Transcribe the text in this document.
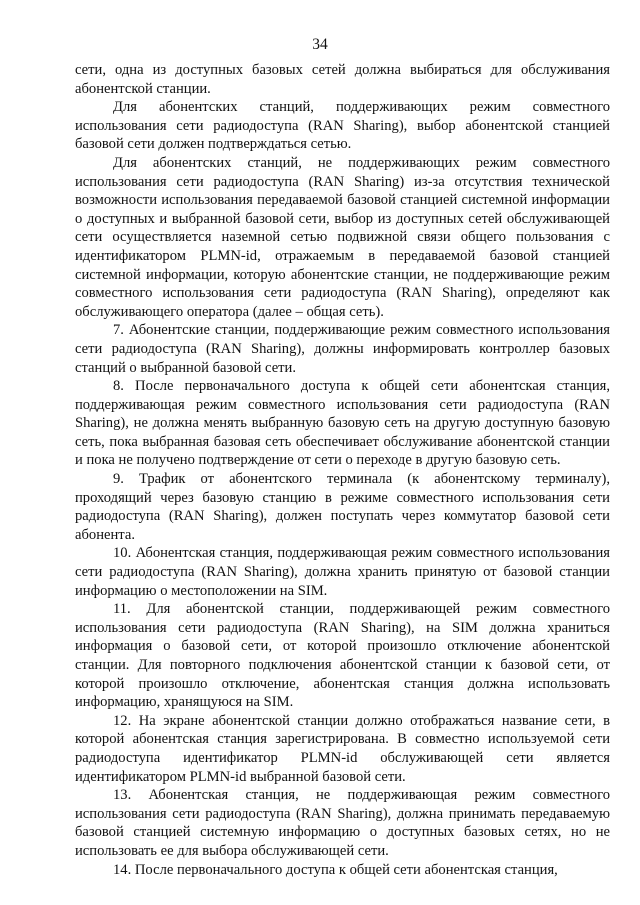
34

сети, одна из доступных базовых сетей должна выбираться для обслуживания абонентской станции.

Для абонентских станций, поддерживающих режим совместного использования сети радиодоступа (RAN Sharing), выбор абонентской станцией базовой сети должен подтверждаться сетью.

Для абонентских станций, не поддерживающих режим совместного использования сети радиодоступа (RAN Sharing) из-за отсутствия технической возможности использования передаваемой базовой станцией системной информации о доступных и выбранной базовой сети, выбор из доступных сетей обслуживающей сети осуществляется наземной сетью подвижной связи общего пользования с идентификатором PLMN-id, отражаемым в передаваемой базовой станцией системной информации, которую абонентские станции, не поддерживающие режим совместного использования сети радиодоступа (RAN Sharing), определяют как обслуживающего оператора (далее – общая сеть).

7. Абонентские станции, поддерживающие режим совместного использования сети радиодоступа (RAN Sharing), должны информировать контроллер базовых станций о выбранной базовой сети.

8. После первоначального доступа к общей сети абонентская станция, поддерживающая режим совместного использования сети радиодоступа (RAN Sharing), не должна менять выбранную базовую сеть на другую доступную базовую сеть, пока выбранная базовая сеть обеспечивает обслуживание абонентской станции и пока не получено подтверждение от сети о переходе в другую базовую сеть.

9. Трафик от абонентского терминала (к абонентскому терминалу), проходящий через базовую станцию в режиме совместного использования сети радиодоступа (RAN Sharing), должен поступать через коммутатор базовой сети абонента.

10. Абонентская станция, поддерживающая режим совместного использования сети радиодоступа (RAN Sharing), должна хранить принятую от базовой станции информацию о местоположении на SIM.

11. Для абонентской станции, поддерживающей режим совместного использования сети радиодоступа (RAN Sharing), на SIM должна храниться информация о базовой сети, от которой произошло отключение абонентской станции. Для повторного подключения абонентской станции к базовой сети, от которой произошло отключение, абонентская станция должна использовать информацию, хранящуюся на SIM.

12. На экране абонентской станции должно отображаться название сети, в которой абонентская станция зарегистрирована. В совместно используемой сети радиодоступа идентификатор PLMN-id обслуживающей сети является идентификатором PLMN-id выбранной базовой сети.

13. Абонентская станция, не поддерживающая режим совместного использования сети радиодоступа (RAN Sharing), должна принимать передаваемую базовой станцией системную информацию о доступных базовых сетях, но не использовать ее для выбора обслуживающей сети.

14. После первоначального доступа к общей сети абонентская станция,
